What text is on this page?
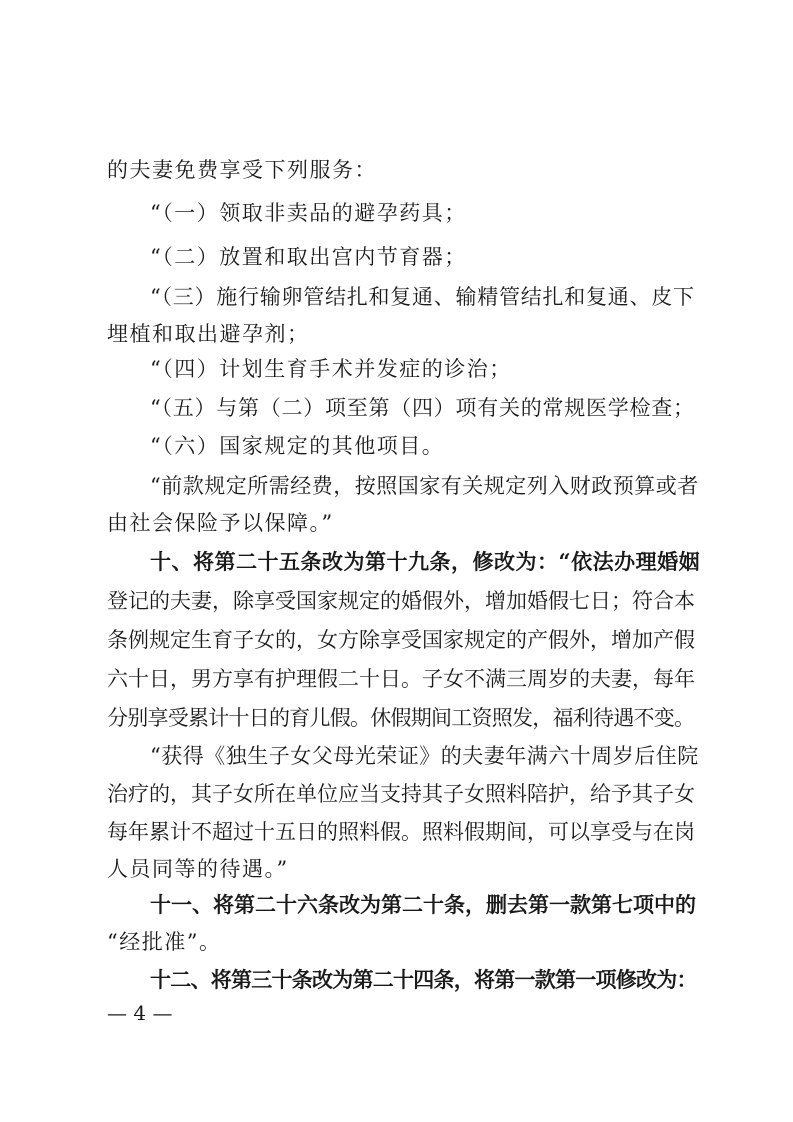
的夫妻免费享受下列服务：
“（一）领取非卖品的避孕药具；
“（二）放置和取出宫内节育器；
“（三）施行输卵管结扎和复通、输精管结扎和复通、皮下
埋植和取出避孕剂；
“（四）计划生育手术并发症的诊治；
“（五）与第（二）项至第（四）项有关的常规医学检查；
“（六）国家规定的其他项目。
“前款规定所需经费，按照国家有关规定列入财政预算或者
由社会保险予以保障。”
十、将第二十五条改为第十九条，修改为：“依法办理婚姻
登记的夫妻，除享受国家规定的婚假外，增加婚假七日；符合本
条例规定生育子女的，女方除享受国家规定的产假外，增加产假
六十日，男方享有护理假二十日。子女不满三周岁的夫妻，每年
分别享受累计十日的育儿假。休假期间工资照发，福利待遇不变。
“获得《独生子女父母光荣证》的夫妻年满六十周岁后住院
治疗的，其子女所在单位应当支持其子女照料陪护，给予其子女
每年累计不超过十五日的照料假。照料假期间，可以享受与在岗
人员同等的待遇。”
十一、将第二十六条改为第二十条，删去第一款第七项中的
“经批准”。
十二、将第三十条改为第二十四条，将第一款第一项修改为：
— 4 —
